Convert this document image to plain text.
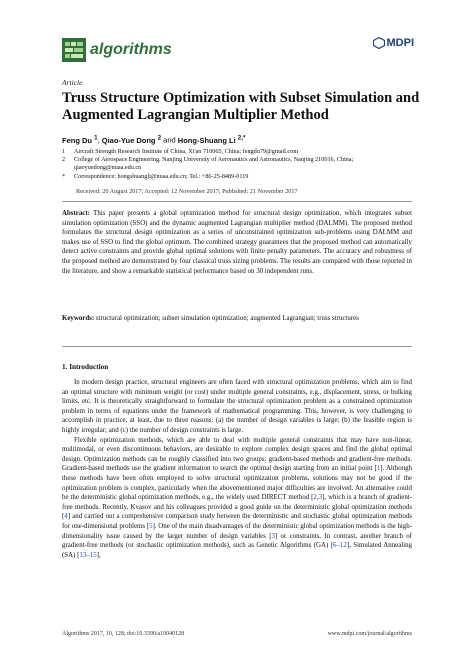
algorithms	MDPI
Article
Truss Structure Optimization with Subset Simulation and Augmented Lagrangian Multiplier Method
Feng Du $^1$, Qiao-Yue Dong $^2$ and Hong-Shuang Li $^{2,*}$
1	Aircraft Strength Research Institute of China, Xi'an 710065, China; fengdu79@gmail.com
2	College of Aerospace Engineering, Nanjing University of Aeronautics and Astronautics, Nanjing 210016, China; qiaoyuedong@nuaa.edu.cn
*	Correspondence: hongshuangli@nuaa.edu.cn; Tel.: +86-25-8489-0119
Received: 20 August 2017; Accepted: 12 November 2017; Published: 21 November 2017
Abstract: This paper presents a global optimization method for structural design optimization, which integrates subset simulation optimization (SSO) and the dynamic augmented Lagrangian multiplier method (DALMM). The proposed method formulates the structural design optimization as a series of unconstrained optimization sub-problems using DALMM and makes use of SSO to find the global optimum. The combined strategy guarantees that the proposed method can automatically detect active constraints and provide global optimal solutions with finite penalty parameters. The accuracy and robustness of the proposed method are demonstrated by four classical truss sizing problems. The results are compared with those reported in the literature, and show a remarkable statistical performance based on 30 independent runs.
Keywords: structural optimization; subset simulation optimization; augmented Lagrangian; truss structures
1. Introduction

In modern design practice, structural engineers are often faced with structural optimization problems, which aim to find an optimal structure with minimum weight (or cost) under multiple general constraints, e.g., displacement, stress, or bulking limits, etc. It is theoretically straightforward to formulate the structural optimization problem as a constrained optimization problem in terms of equations under the framework of mathematical programming. This, however, is very challenging to accomplish in practice, at least, due to three reasons: (a) the number of design variables is large; (b) the feasible region is highly irregular; and (c) the number of design constraints is large.

Flexible optimization methods, which are able to deal with multiple general constraints that may have non-linear, multimodal, or even discontinuous behaviors, are desirable to explore complex design spaces and find the global optimal design. Optimization methods can be roughly classified into two groups: gradient-based methods and gradient-free methods. Gradient-based methods use the gradient information to search the optimal design starting from an initial point [1]. Although these methods have been often employed to solve structural optimization problems, solutions may not be good if the optimization problem is complex, particularly when the abovementioned major difficulties are involved. An alternative could be the deterministic global optimization methods, e.g., the widely used DIRECT method [2,3], which is a branch of gradient-free methods. Recently, Kvasov and his colleagues provided a good guide on the deterministic global optimization methods [4] and carried out a comprehensive comparison study between the deterministic and stochastic global optimization methods for one-dimensional problems [5]. One of the main disadvantages of the deterministic global optimization methods is the high-dimensionality issue caused by the larger number of design variables [3] or constraints. In contrast, another branch of gradient-free methods (or stochastic optimization methods), such as Genetic Algorithms (GA) [6–12], Simulated Annealing (SA) [13–15],

Algorithms 2017, 10, 128; doi:10.3390/a10040128	www.mdpi.com/journal/algorithms
